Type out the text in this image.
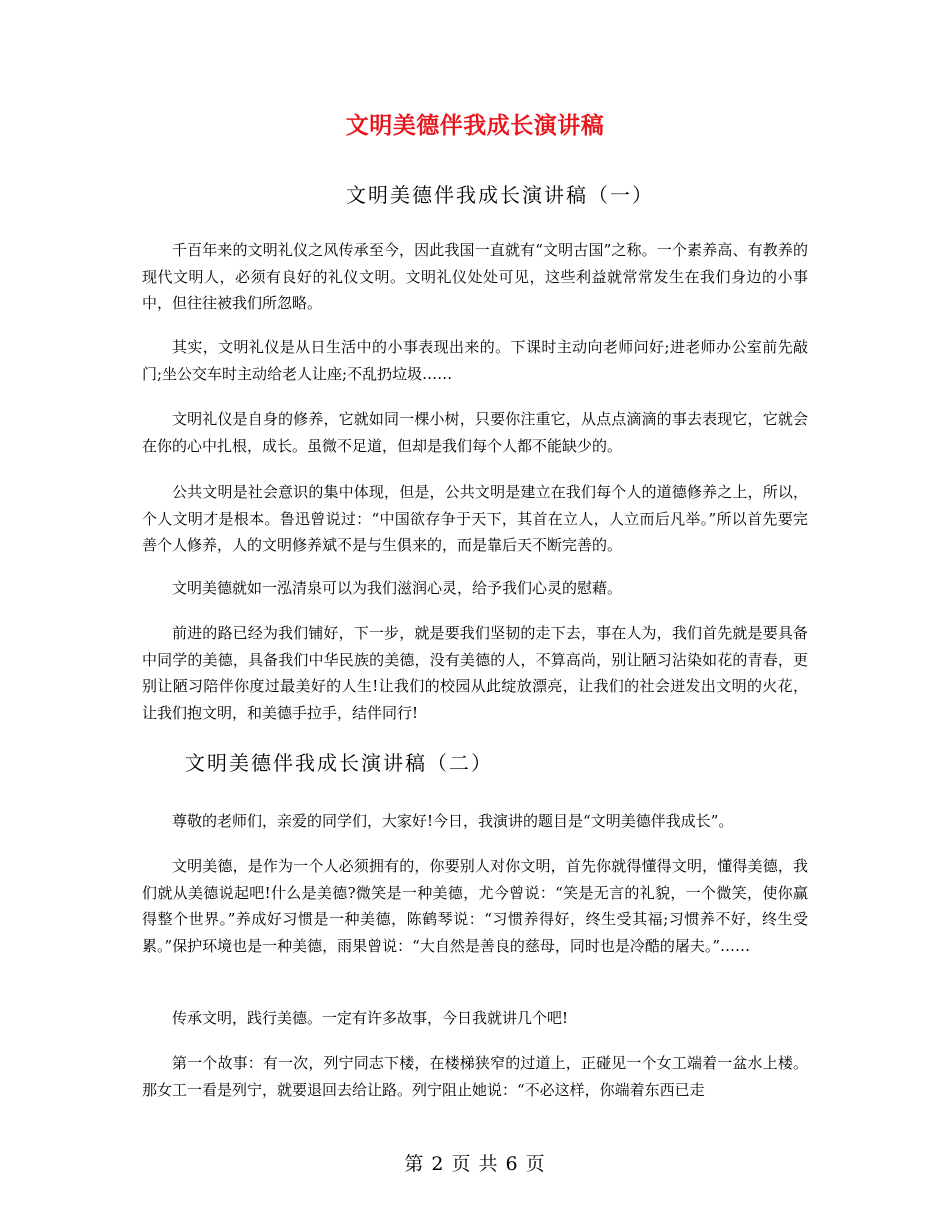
文明美德伴我成长演讲稿
文明美德伴我成长演讲稿（一）

千百年来的文明礼仪之风传承至今，因此我国一直就有“文明古国”之称。一个素养高、有教养的现代文明人，必须有良好的礼仪文明。文明礼仪处处可见，这些利益就常常发生在我们身边的小事中，但往往被我们所忽略。

其实，文明礼仪是从日生活中的小事表现出来的。下课时主动向老师问好;进老师办公室前先敲门;坐公交车时主动给老人让座;不乱扔垃圾……

文明礼仪是自身的修养，它就如同一棵小树，只要你注重它，从点点滴滴的事去表现它，它就会在你的心中扎根，成长。虽微不足道，但却是我们每个人都不能缺少的。

公共文明是社会意识的集中体现，但是，公共文明是建立在我们每个人的道德修养之上，所以，个人文明才是根本。鲁迅曾说过：“中国欲存争于天下，其首在立人，人立而后凡举。”所以首先要完善个人修养，人的文明修养斌不是与生俱来的，而是靠后天不断完善的。

文明美德就如一泓清泉可以为我们滋润心灵，给予我们心灵的慰藉。

前进的路已经为我们铺好，下一步，就是要我们坚韧的走下去，事在人为，我们首先就是要具备中同学的美德，具备我们中华民族的美德，没有美德的人，不算高尚，别让陋习沾染如花的青春，更别让陋习陪伴你度过最美好的人生!让我们的校园从此绽放漂亮，让我们的社会迸发出文明的火花，让我们抱文明，和美德手拉手，结伴同行!

文明美德伴我成长演讲稿（二）

尊敬的老师们，亲爱的同学们，大家好!今日，我演讲的题目是“文明美德伴我成长”。

文明美德，是作为一个人必须拥有的，你要别人对你文明，首先你就得懂得文明，懂得美德，我们就从美德说起吧!什么是美德?微笑是一种美德，尤今曾说：“笑是无言的礼貌，一个微笑，使你赢得整个世界。”养成好习惯是一种美德，陈鹤琴说：“习惯养得好，终生受其福;习惯养不好，终生受累。”保护环境也是一种美德，雨果曾说：“大自然是善良的慈母，同时也是冷酷的屠夫。”……

传承文明，践行美德。一定有许多故事，今日我就讲几个吧!

第一个故事：有一次，列宁同志下楼，在楼梯狭窄的过道上，正碰见一个女工端着一盆水上楼。那女工一看是列宁，就要退回去给让路。列宁阻止她说：“不必这样，你端着东西已走

第 2 页 共 6 页
